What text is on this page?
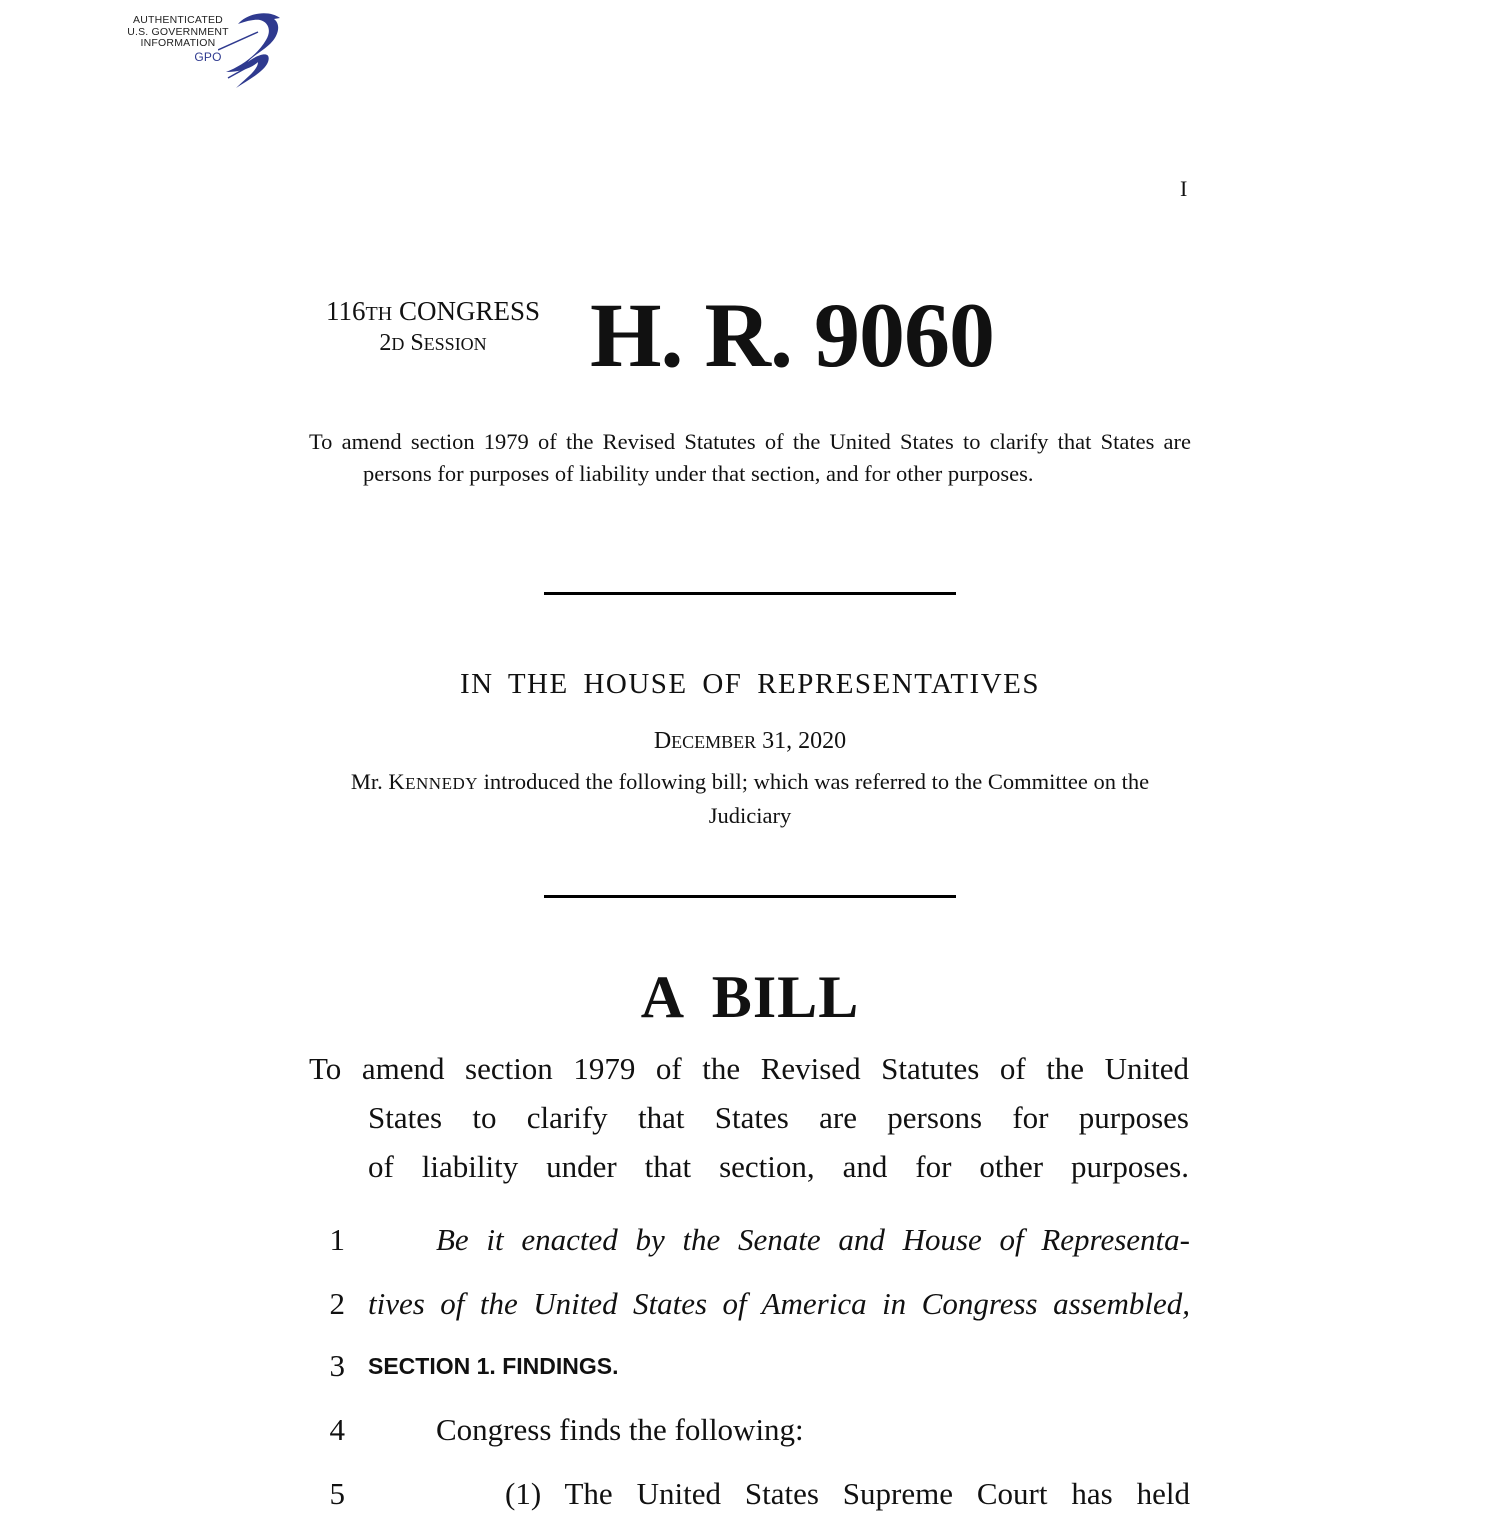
AUTHENTICATED
U.S. GOVERNMENT
INFORMATION
GPO
I
116TH CONGRESS
2D SESSION	H. R. 9060
To amend section 1979 of the Revised Statutes of the United States to clarify that States are persons for purposes of liability under that section, and for other purposes.
IN THE HOUSE OF REPRESENTATIVES
DECEMBER 31, 2020
Mr. KENNEDY introduced the following bill; which was referred to the Committee on the Judiciary
A BILL
To amend section 1979 of the Revised Statutes of the United
States to clarify that States are persons for purposes
of liability under that section, and for other purposes.
1	Be it enacted by the Senate and House of Representa-
2 tives of the United States of America in Congress assembled,
3 SECTION 1. FINDINGS.
4	Congress finds the following:
5	(1) The United States Supreme Court has held
